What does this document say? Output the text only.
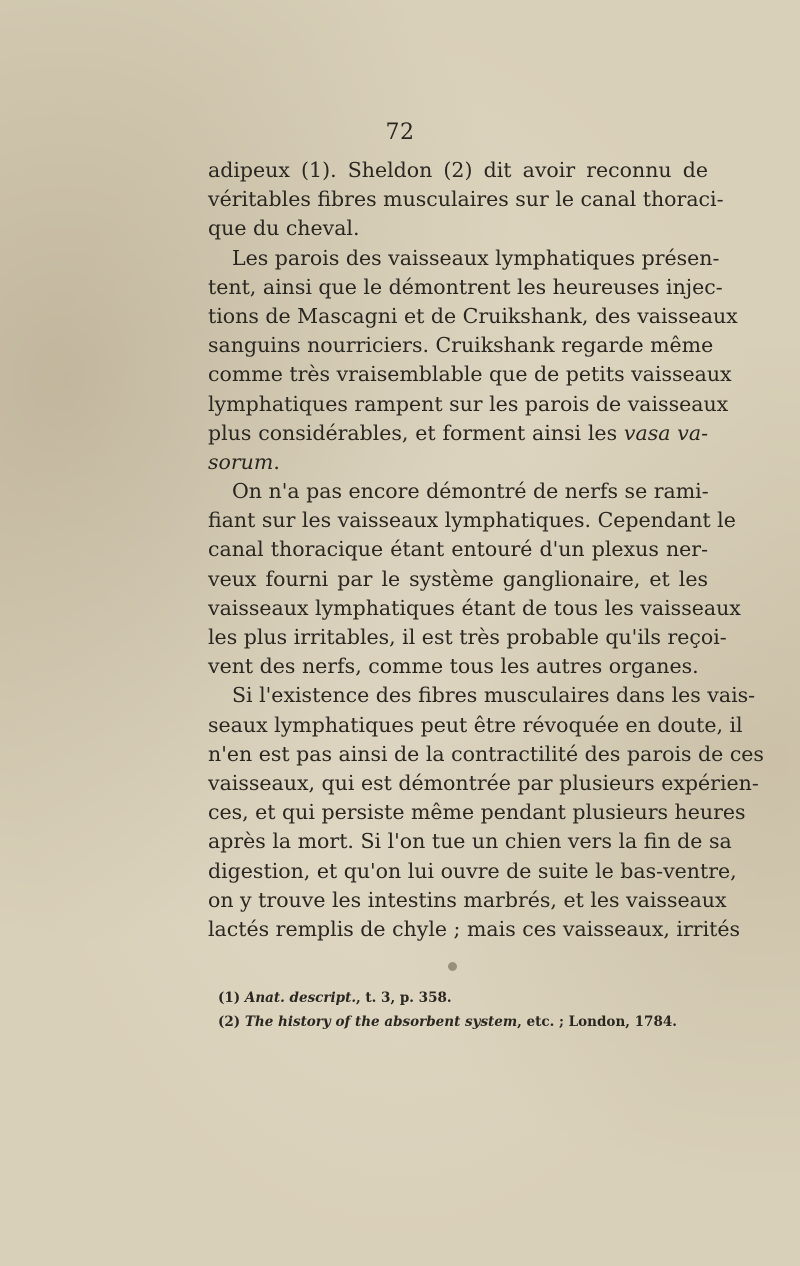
72
adipeux (1). Sheldon (2) dit avoir reconnu de
véritables fibres musculaires sur le canal thoraci-
que du cheval.
Les parois des vaisseaux lymphatiques présen-
tent, ainsi que le démontrent les heureuses injec-
tions de Mascagni et de Cruikshank, des vaisseaux
sanguins nourriciers. Cruikshank regarde même
comme très vraisemblable que de petits vaisseaux
lymphatiques rampent sur les parois de vaisseaux
plus considérables, et forment ainsi les vasa va-
sorum.
On n'a pas encore démontré de nerfs se rami-
fiant sur les vaisseaux lymphatiques. Cependant le
canal thoracique étant entouré d'un plexus ner-
veux fourni par le système ganglionaire, et les
vaisseaux lymphatiques étant de tous les vaisseaux
les plus irritables, il est très probable qu'ils reçoi-
vent des nerfs, comme tous les autres organes.
Si l'existence des fibres musculaires dans les vais-
seaux lymphatiques peut être révoquée en doute, il
n'en est pas ainsi de la contractilité des parois de ces
vaisseaux, qui est démontrée par plusieurs expérien-
ces, et qui persiste même pendant plusieurs heures
après la mort. Si l'on tue un chien vers la fin de sa
digestion, et qu'on lui ouvre de suite le bas-ventre,
on y trouve les intestins marbrés, et les vaisseaux
lactés remplis de chyle ; mais ces vaisseaux, irrités
(1) Anat. descript., t. 3, p. 358.
(2) The history of the absorbent system, etc. ; London, 1784.
